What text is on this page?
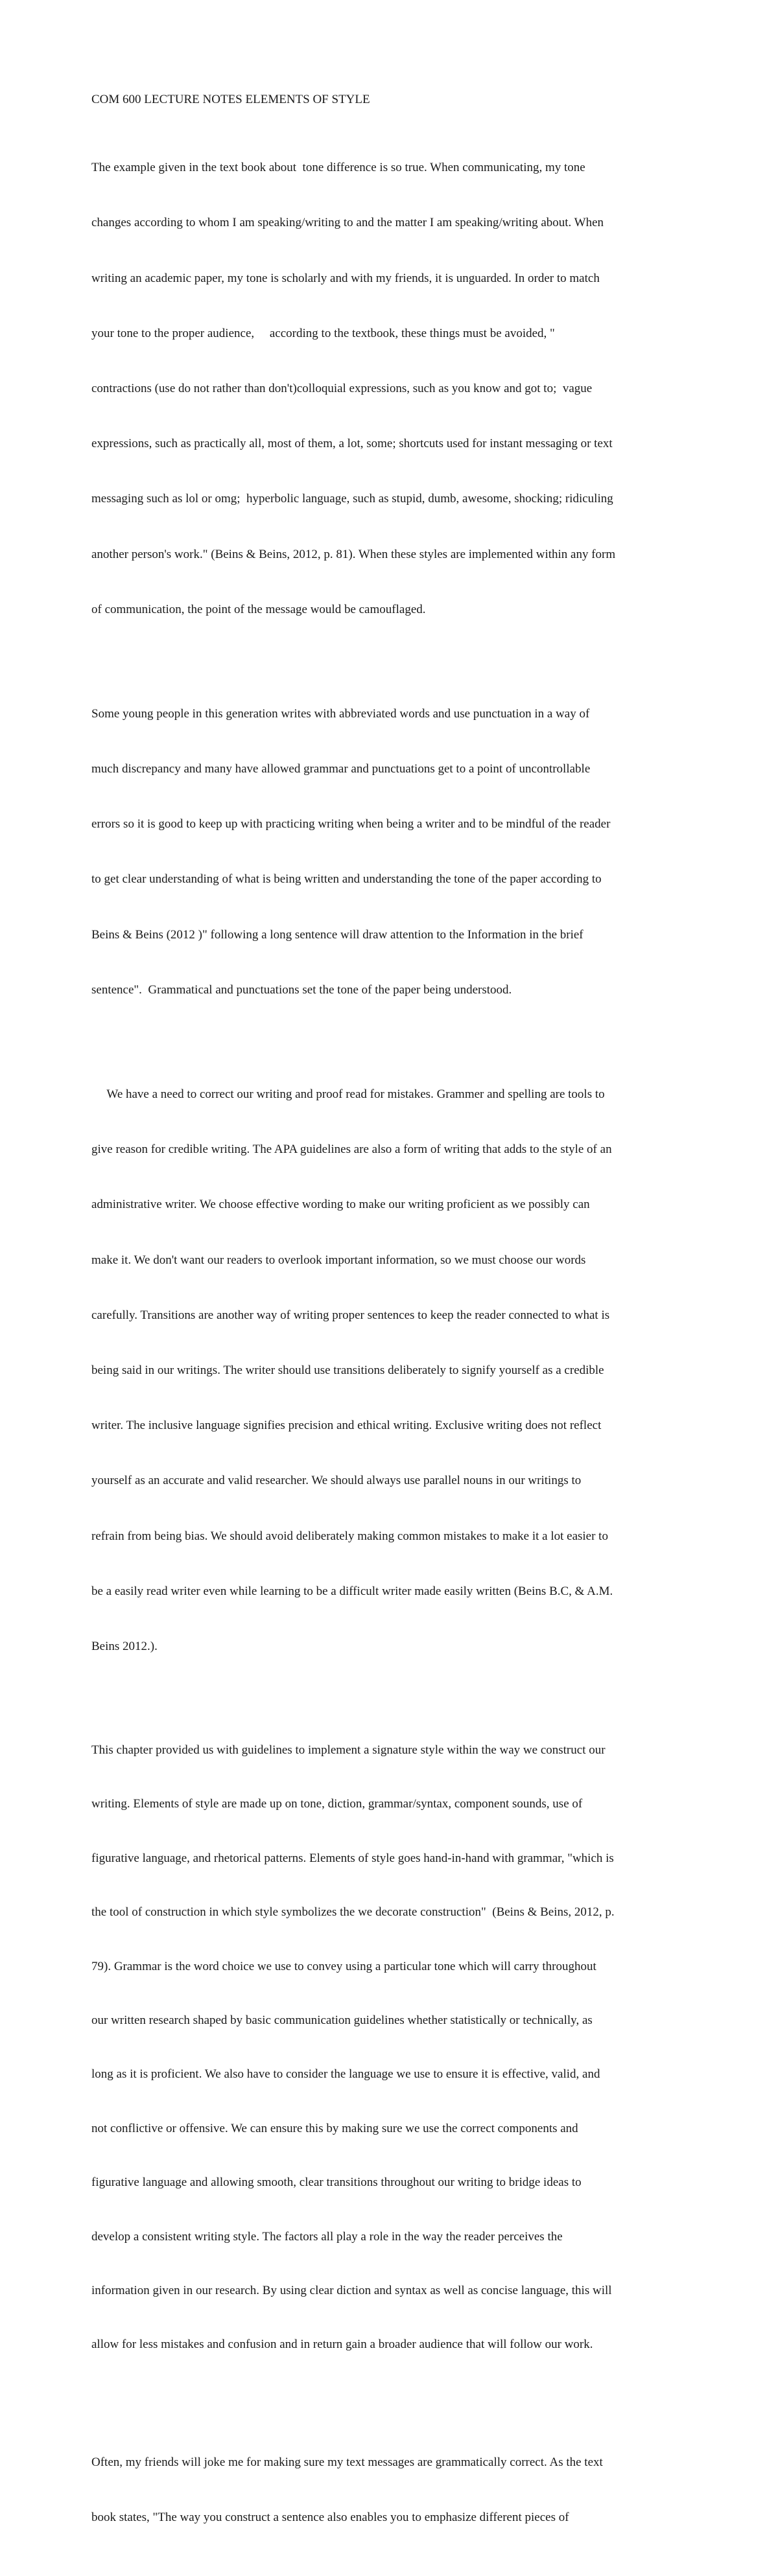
COM 600 LECTURE NOTES ELEMENTS OF STYLE

The example given in the text book about  tone difference is so true. When communicating, my tone

changes according to whom I am speaking/writing to and the matter I am speaking/writing about. When

writing an academic paper, my tone is scholarly and with my friends, it is unguarded. In order to match

your tone to the proper audience,     according to the textbook, these things must be avoided, "

contractions (use do not rather than don't)colloquial expressions, such as you know and got to;  vague

expressions, such as practically all, most of them, a lot, some; shortcuts used for instant messaging or text

messaging such as lol or omg;  hyperbolic language, such as stupid, dumb, awesome, shocking; ridiculing

another person's work." (Beins & Beins, 2012, p. 81). When these styles are implemented within any form

of communication, the point of the message would be camouflaged.

Some young people in this generation writes with abbreviated words and use punctuation in a way of

much discrepancy and many have allowed grammar and punctuations get to a point of uncontrollable

errors so it is good to keep up with practicing writing when being a writer and to be mindful of the reader

to get clear understanding of what is being written and understanding the tone of the paper according to

Beins & Beins (2012 )" following a long sentence will draw attention to the Information in the brief

sentence".  Grammatical and punctuations set the tone of the paper being understood.

We have a need to correct our writing and proof read for mistakes. Grammer and spelling are tools to

give reason for credible writing. The APA guidelines are also a form of writing that adds to the style of an

administrative writer. We choose effective wording to make our writing proficient as we possibly can

make it. We don't want our readers to overlook important information, so we must choose our words

carefully. Transitions are another way of writing proper sentences to keep the reader connected to what is

being said in our writings. The writer should use transitions deliberately to signify yourself as a credible

writer. The inclusive language signifies precision and ethical writing. Exclusive writing does not reflect

yourself as an accurate and valid researcher. We should always use parallel nouns in our writings to

refrain from being bias. We should avoid deliberately making common mistakes to make it a lot easier to

be a easily read writer even while learning to be a difficult writer made easily written (Beins B.C, & A.M.

Beins 2012.).

This chapter provided us with guidelines to implement a signature style within the way we construct our

writing. Elements of style are made up on tone, diction, grammar/syntax, component sounds, use of

figurative language, and rhetorical patterns. Elements of style goes hand-in-hand with grammar, "which is

the tool of construction in which style symbolizes the we decorate construction"  (Beins & Beins, 2012, p.

79). Grammar is the word choice we use to convey using a particular tone which will carry throughout

our written research shaped by basic communication guidelines whether statistically or technically, as

long as it is proficient. We also have to consider the language we use to ensure it is effective, valid, and

not conflictive or offensive. We can ensure this by making sure we use the correct components and

figurative language and allowing smooth, clear transitions throughout our writing to bridge ideas to

develop a consistent writing style. The factors all play a role in the way the reader perceives the

information given in our research. By using clear diction and syntax as well as concise language, this will

allow for less mistakes and confusion and in return gain a broader audience that will follow our work.

Often, my friends will joke me for making sure my text messages are grammatically correct. As the text

book states, "The way you construct a sentence also enables you to emphasize different pieces of
